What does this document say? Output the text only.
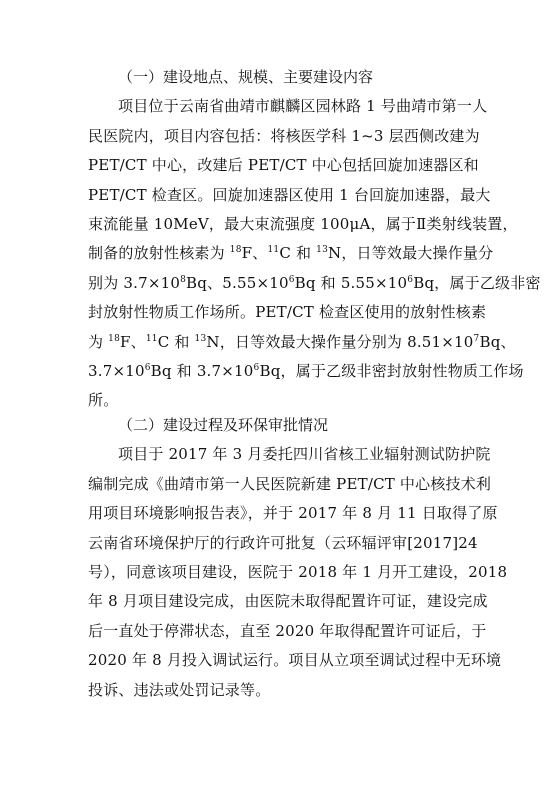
（一）建设地点、规模、主要建设内容
项目位于云南省曲靖市麒麟区园林路 1 号曲靖市第一人
民医院内，项目内容包括：将核医学科 1~3 层西侧改建为
PET/CT 中心，改建后 PET/CT 中心包括回旋加速器区和
PET/CT 检查区。回旋加速器区使用 1 台回旋加速器，最大
束流能量 10MeV，最大束流强度 100μA，属于Ⅱ类射线装置，
制备的放射性核素为 $^{18}$F、$^{11}$C 和 $^{13}$N，日等效最大操作量分
别为 $3.7\times 10^8Bq$、$5.55\times 10^6Bq$ 和 $5.55\times 10^6Bq$，属于乙级非密
封放射性物质工作场所。PET/CT 检查区使用的放射性核素
为 $^{18}$F、$^{11}$C 和 $^{13}$N，日等效最大操作量分别为 $8.51\times 10^7Bq$、
$3.7\times 10^6Bq$ 和 $3.7\times 10^6Bq$，属于乙级非密封放射性物质工作场
所。
（二）建设过程及环保审批情况
项目于 2017 年 3 月委托四川省核工业辐射测试防护院
编制完成《曲靖市第一人民医院新建 PET/CT 中心核技术利
用项目环境影响报告表》，并于 2017 年 8 月 11 日取得了原
云南省环境保护厅的行政许可批复（云环辐评审[2017]24
号），同意该项目建设，医院于 2018 年 1 月开工建设，2018
年 8 月项目建设完成，由医院未取得配置许可证，建设完成
后一直处于停滞状态，直至 2020 年取得配置许可证后，于
2020 年 8 月投入调试运行。项目从立项至调试过程中无环境
投诉、违法或处罚记录等。
